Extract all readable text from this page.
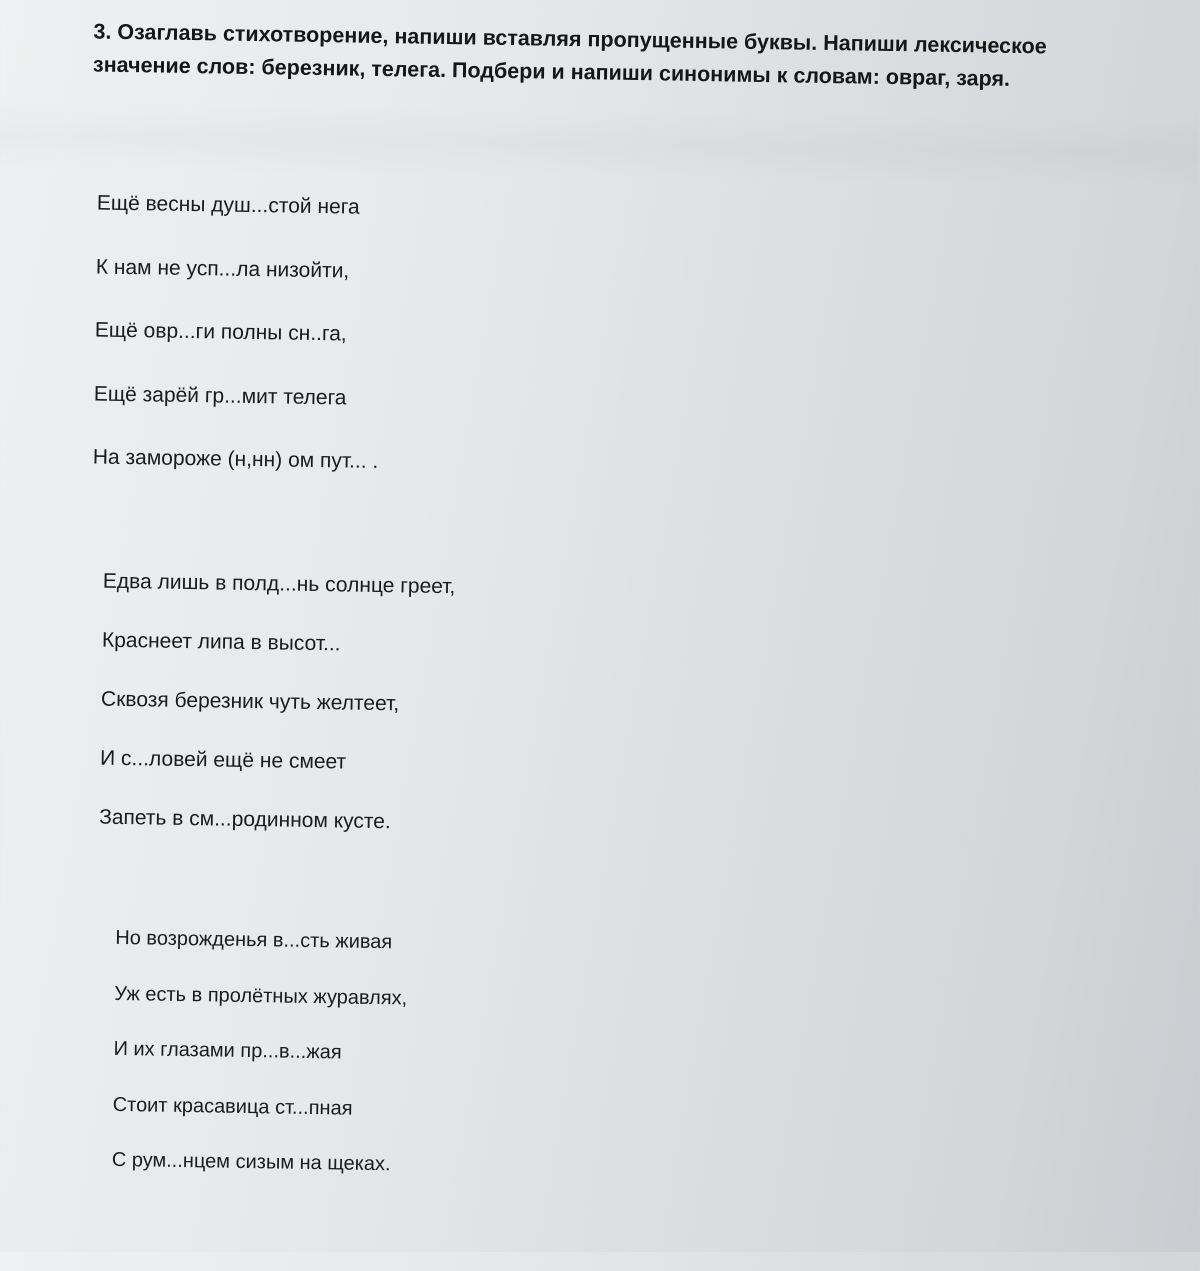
3. Озаглавь стихотворение, напиши вставляя пропущенные буквы. Напиши лексическое
значение слов: березник, телега. Подбери и напиши синонимы к словам: овраг, заря.
Ещё весны душ...стой нега
К нам не усп...ла низойти,
Ещё овр...ги полны сн..га,
Ещё зарёй гр...мит телега
На замороже (н,нн) ом пут... .
Едва лишь в полд...нь солнце греет,
Краснеет липа в высот...
Сквозя березник чуть желтеет,
И с...ловей ещё не смеет
Запеть в см...родинном кусте.
Но возрожденья в...сть живая
Уж есть в пролётных журавлях,
И их глазами пр...в...жая
Стоит красавица ст...пная
С рум...нцем сизым на щеках.
